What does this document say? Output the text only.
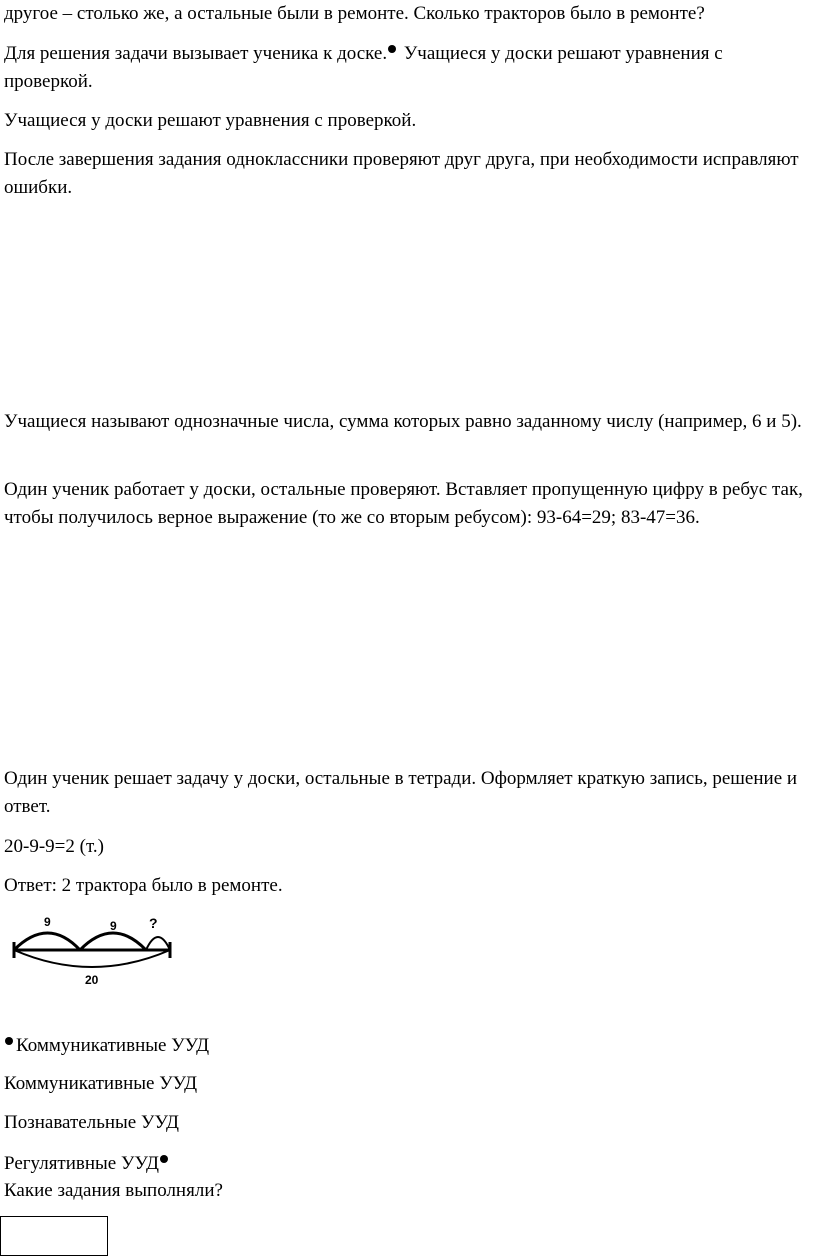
другое – столько же, а остальные были в ремонте. Сколько тракторов было в ремонте?

Для решения задачи вызывает ученика к доске. Учащиеся у доски решают уравнения с проверкой.

Учащиеся у доски решают уравнения с проверкой.

После завершения задания одноклассники проверяют друг друга, при необходимости исправляют ошибки.

Учащиеся называют однозначные числа, сумма которых равно заданному числу (например, 6 и 5).

Один ученик работает у доски, остальные проверяют. Вставляет пропущенную цифру в ребус так, чтобы получилось верное выражение (то же со вторым ребусом): 93-64=29; 83-47=36.

Один ученик решает задачу у доски, остальные в тетради. Оформляет краткую запись, решение и ответ.

20-9-9=2 (т.)

Ответ: 2 трактора было в ремонте.

9	9 ?
20

Коммуникативные УУД

Коммуникативные УУД

Познавательные УУД

Регулятивные УУД

Какие задания выполняли?
